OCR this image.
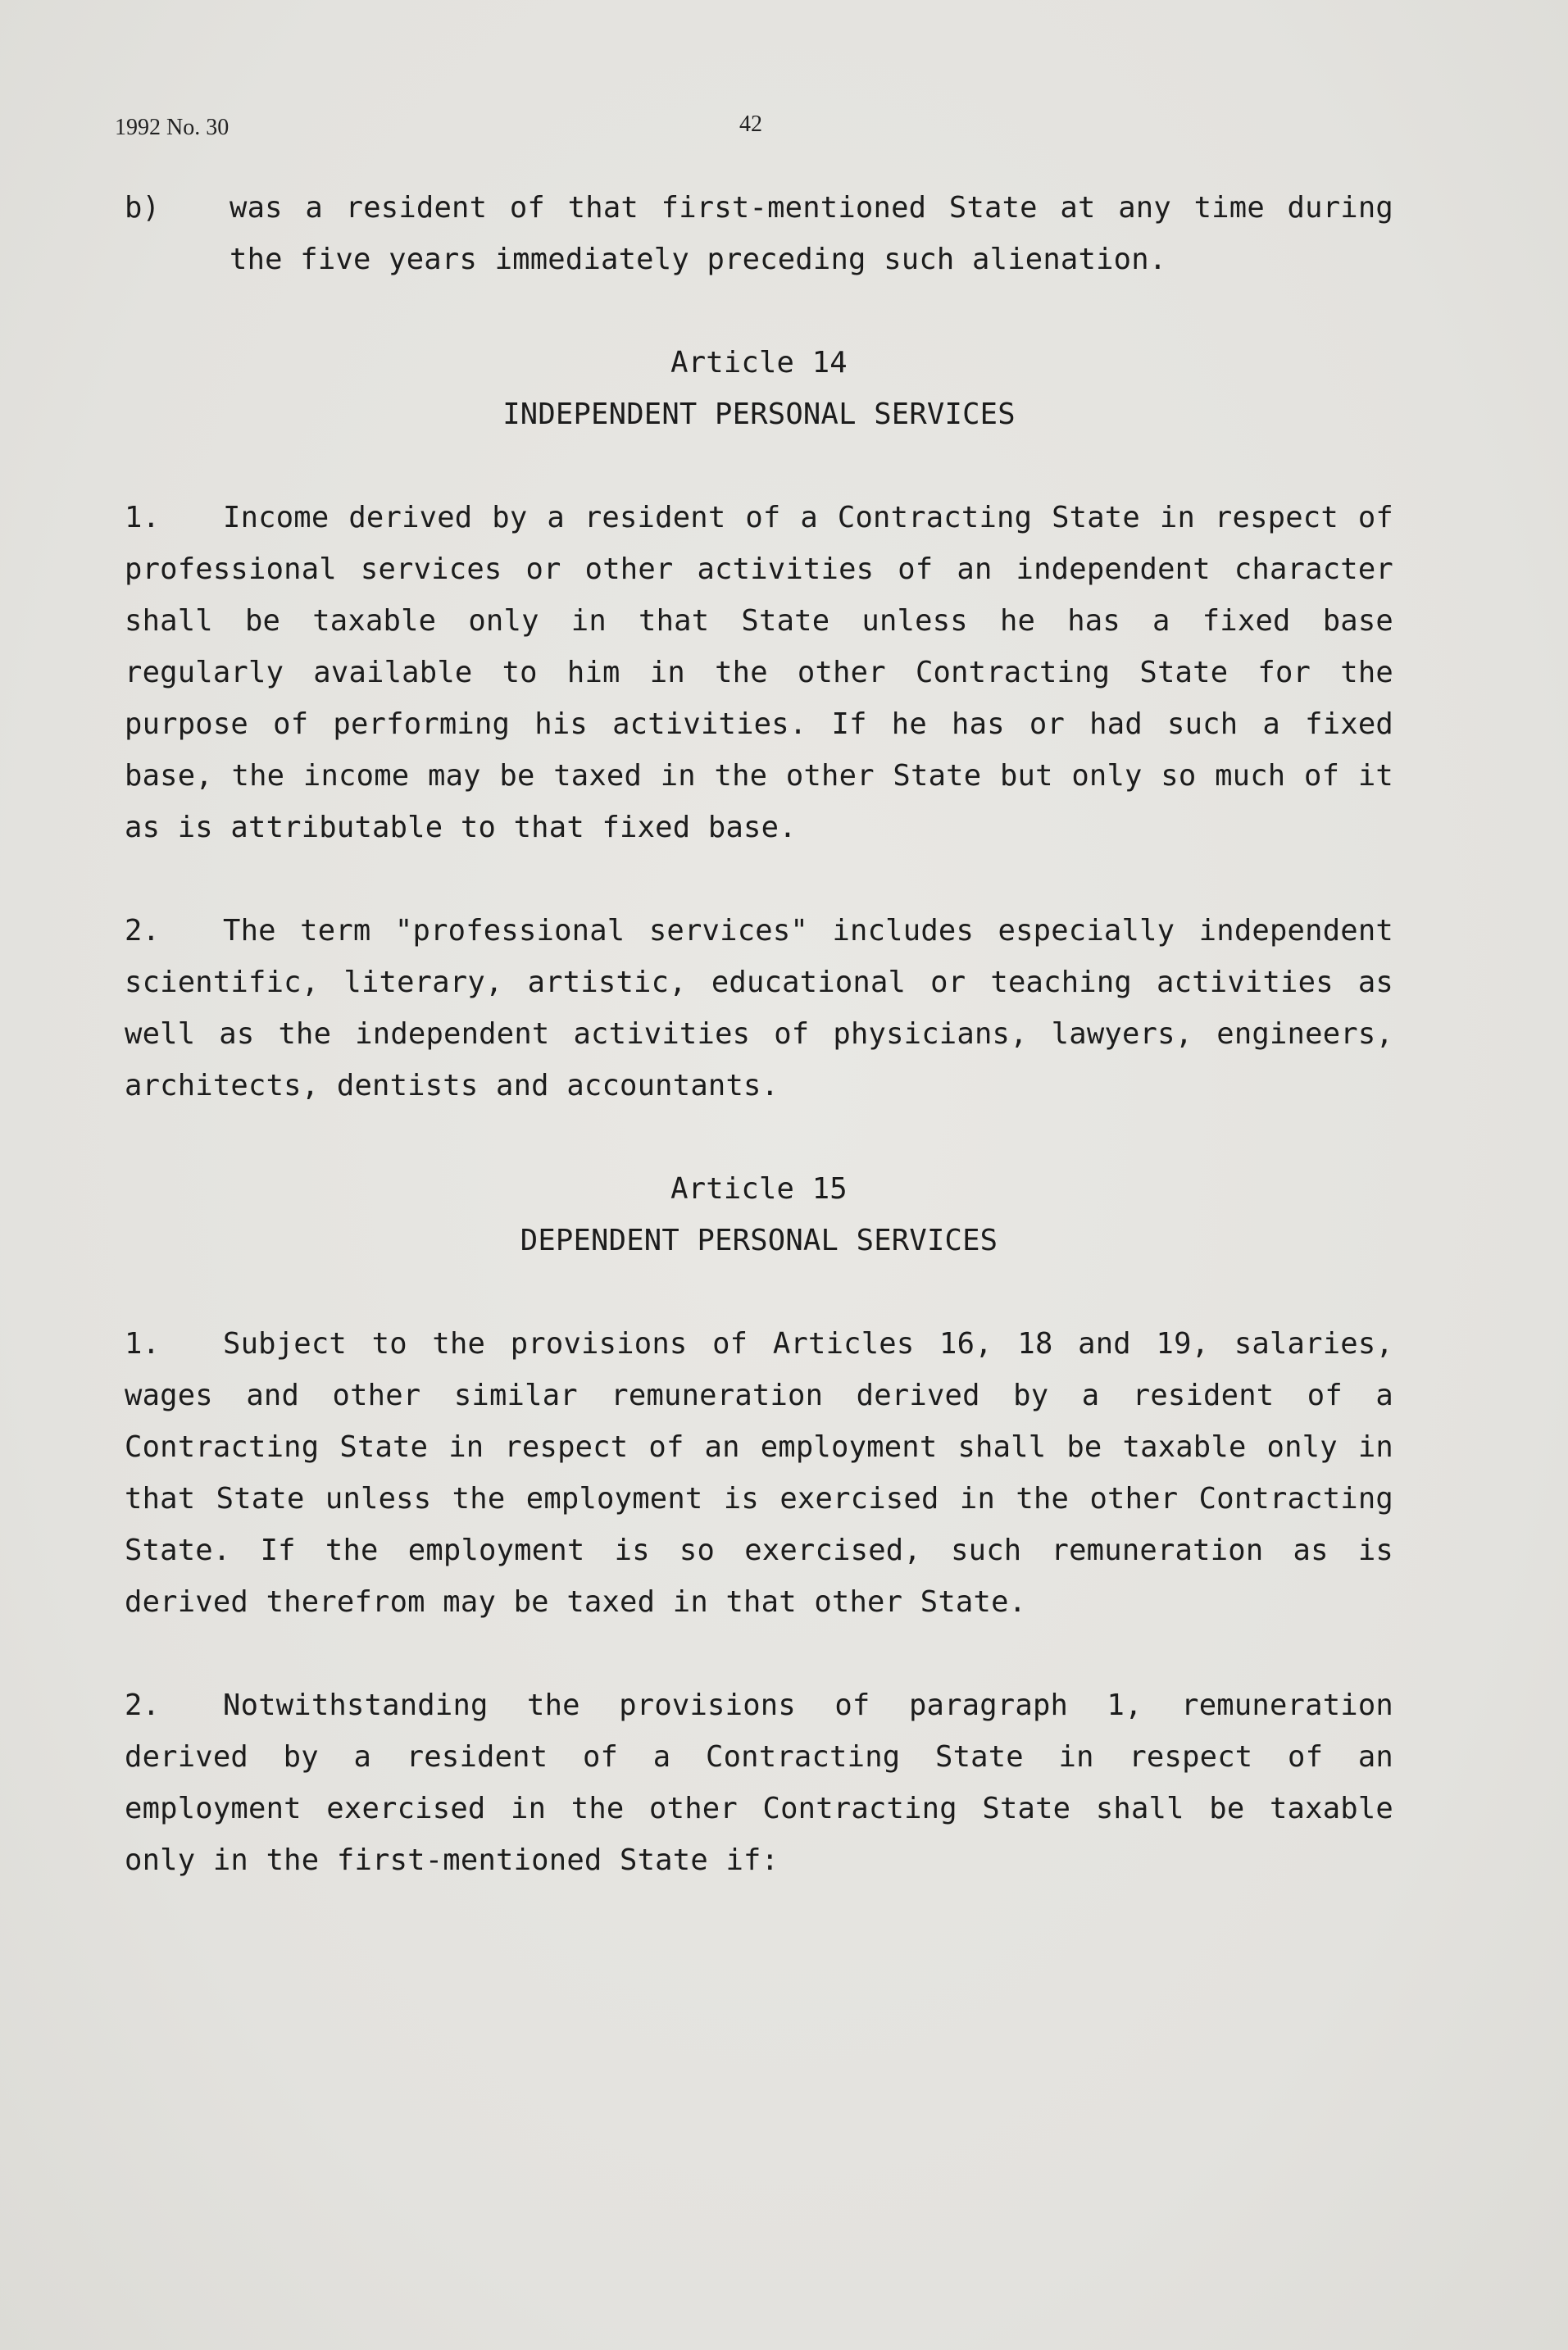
1992 No. 30	42
b)	was a resident of that first-mentioned State at any time during the five years immediately preceding such alienation.

Article 14

INDEPENDENT PERSONAL SERVICES

1. Income derived by a resident of a Contracting State in respect of professional services or other activities of an independent character shall be taxable only in that State unless he has a fixed base regularly available to him in the other Contracting State for the purpose of performing his activities. If he has or had such a fixed base, the income may be taxed in the other State but only so much of it as is attributable to that fixed base.

2. The term "professional services" includes especially independent scientific, literary, artistic, educational or teaching activities as well as the independent activities of physicians, lawyers, engineers, architects, dentists and accountants.

Article 15

DEPENDENT PERSONAL SERVICES

1. Subject to the provisions of Articles 16, 18 and 19, salaries, wages and other similar remuneration derived by a resident of a Contracting State in respect of an employment shall be taxable only in that State unless the employment is exercised in the other Contracting State. If the employment is so exercised, such remuneration as is derived therefrom may be taxed in that other State.

2. Notwithstanding the provisions of paragraph 1, remuneration derived by a resident of a Contracting State in respect of an employment exercised in the other Contracting State shall be taxable only in the first-mentioned State if:
